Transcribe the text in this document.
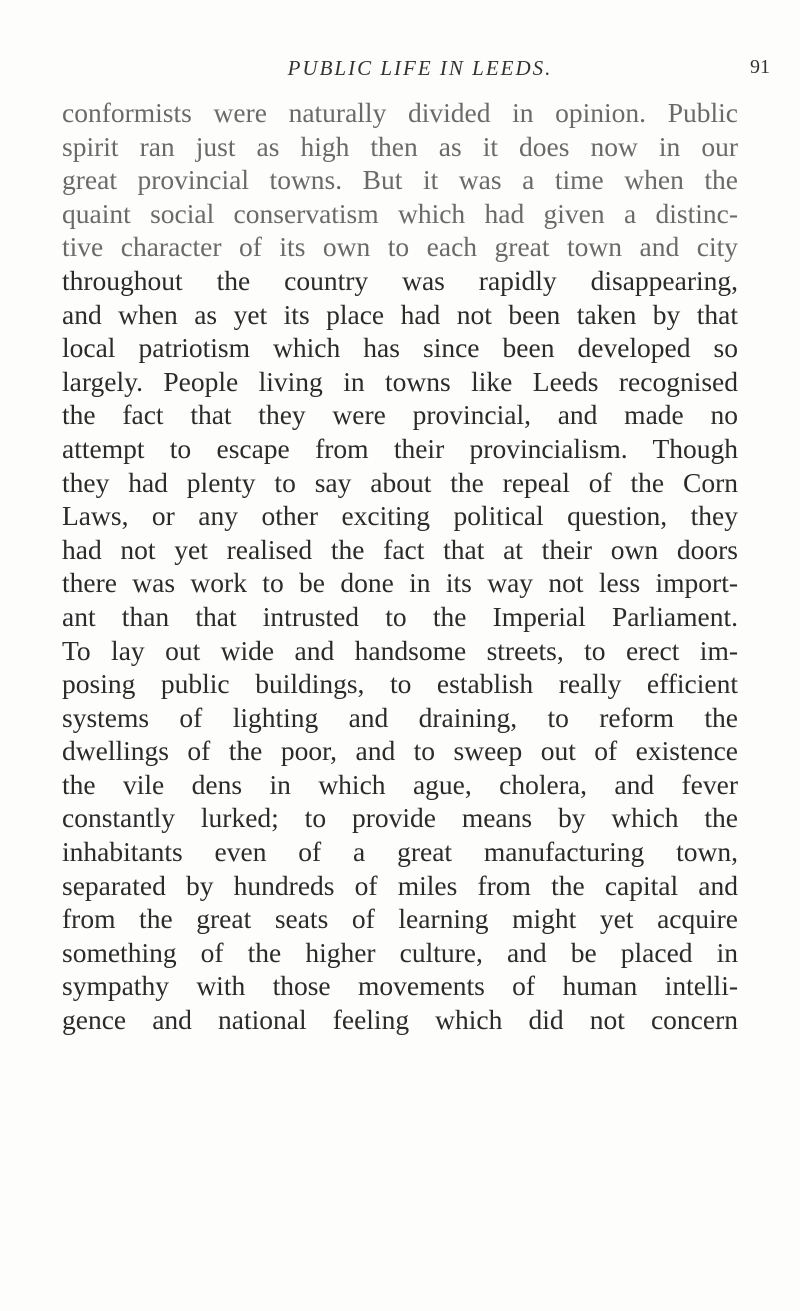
PUBLIC LIFE IN LEEDS.	91
conformists were naturally divided in opinion. Public
spirit ran just as high then as it does now in our
great provincial towns. But it was a time when the
quaint social conservatism which had given a distinc-
tive character of its own to each great town and city
throughout the country was rapidly disappearing,
and when as yet its place had not been taken by that
local patriotism which has since been developed so
largely. People living in towns like Leeds recognised
the fact that they were provincial, and made no
attempt to escape from their provincialism. Though
they had plenty to say about the repeal of the Corn
Laws, or any other exciting political question, they
had not yet realised the fact that at their own doors
there was work to be done in its way not less import-
ant than that intrusted to the Imperial Parliament.
To lay out wide and handsome streets, to erect im-
posing public buildings, to establish really efficient
systems of lighting and draining, to reform the
dwellings of the poor, and to sweep out of existence
the vile dens in which ague, cholera, and fever
constantly lurked; to provide means by which the
inhabitants even of a great manufacturing town,
separated by hundreds of miles from the capital and
from the great seats of learning might yet acquire
something of the higher culture, and be placed in
sympathy with those movements of human intelli-
gence and national feeling which did not concern
